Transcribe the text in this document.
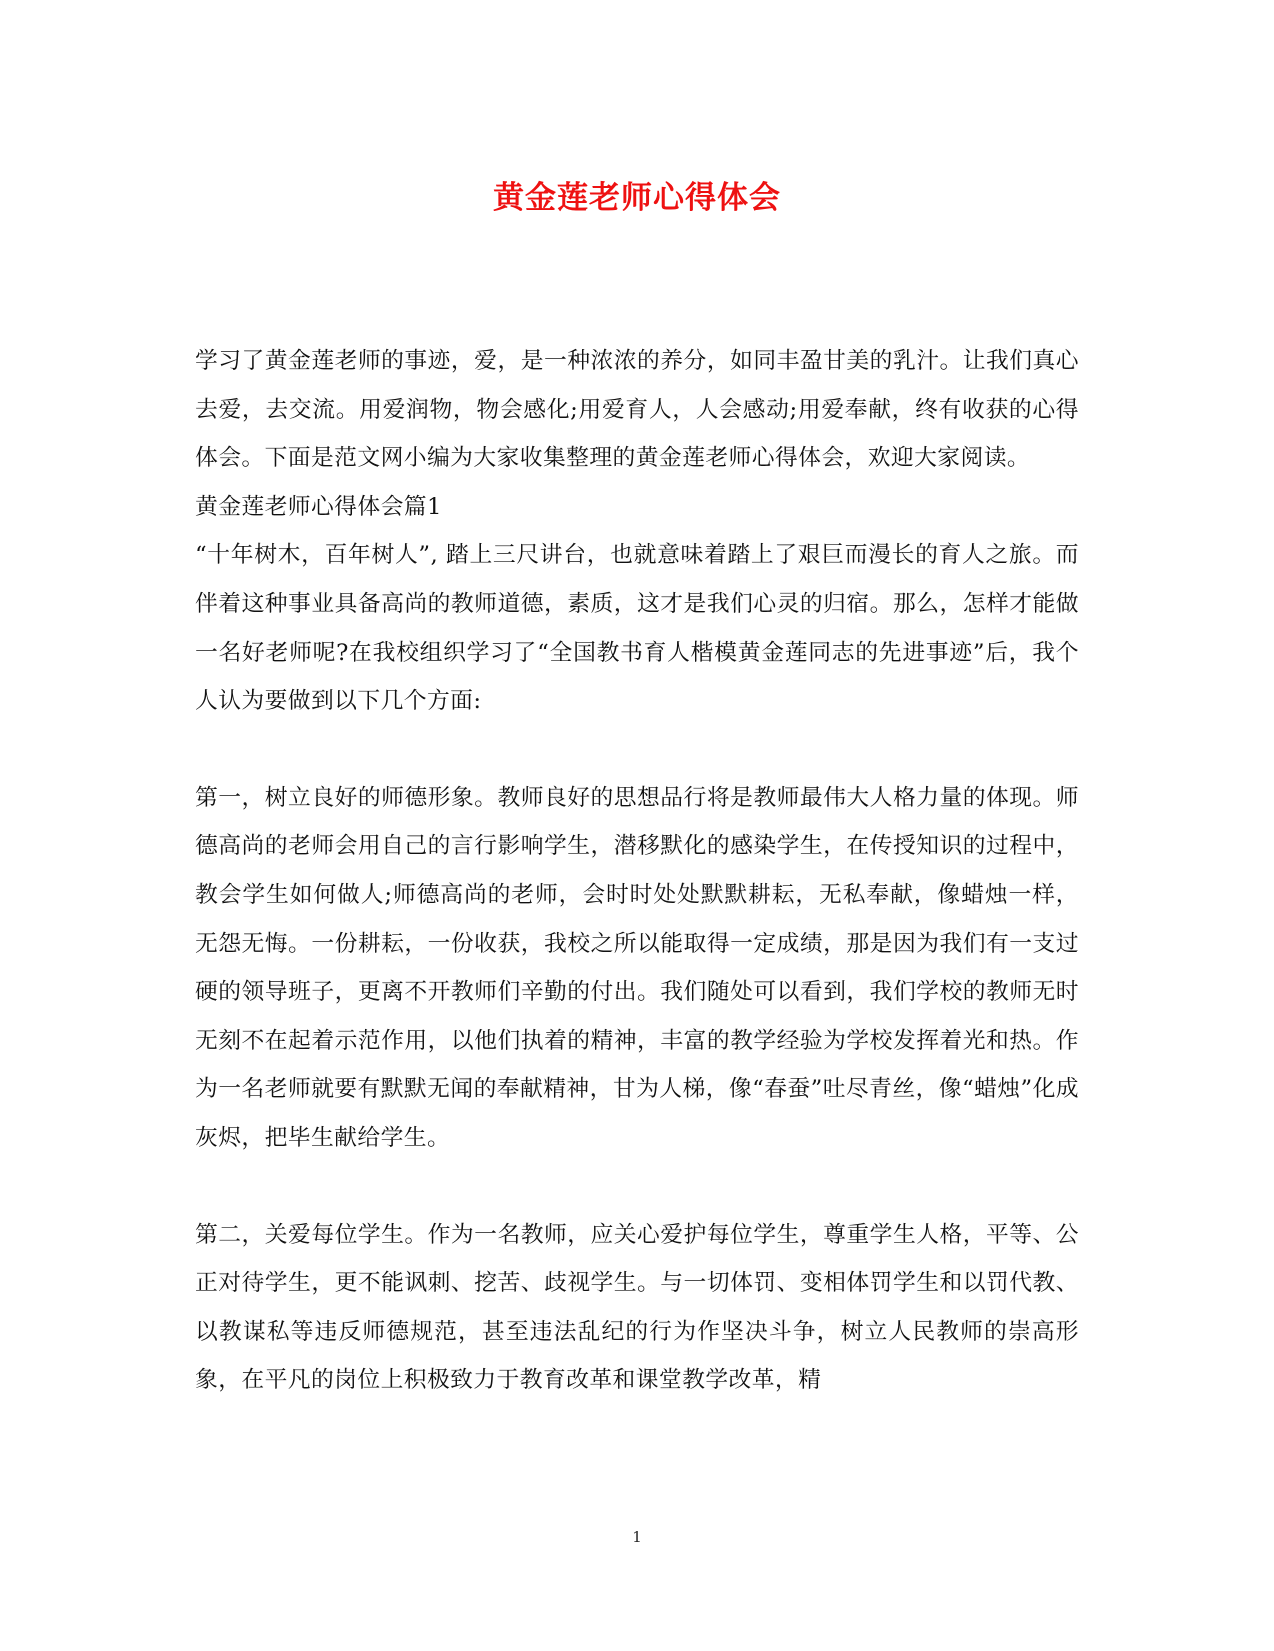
黄金莲老师心得体会

学习了黄金莲老师的事迹，爱，是一种浓浓的养分，如同丰盈甘美的乳汁。让我们真心去爱，去交流。用爱润物，物会感化;用爱育人，人会感动;用爱奉献，终有收获的心得体会。下面是范文网小编为大家收集整理的黄金莲老师心得体会，欢迎大家阅读。

黄金莲老师心得体会篇1

“十年树木，百年树人”, 踏上三尺讲台，也就意味着踏上了艰巨而漫长的育人之旅。而伴着这种事业具备高尚的教师道德，素质，这才是我们心灵的归宿。那么，怎样才能做一名好老师呢?在我校组织学习了“全国教书育人楷模黄金莲同志的先进事迹”后，我个人认为要做到以下几个方面:

第一，树立良好的师德形象。教师良好的思想品行将是教师最伟大人格力量的体现。师德高尚的老师会用自己的言行影响学生，潜移默化的感染学生，在传授知识的过程中，教会学生如何做人;师德高尚的老师，会时时处处默默耕耘，无私奉献，像蜡烛一样，无怨无悔。一份耕耘，一份收获，我校之所以能取得一定成绩，那是因为我们有一支过硬的领导班子，更离不开教师们辛勤的付出。我们随处可以看到，我们学校的教师无时无刻不在起着示范作用，以他们执着的精神，丰富的教学经验为学校发挥着光和热。作为一名老师就要有默默无闻的奉献精神，甘为人梯，像“春蚕”吐尽青丝，像“蜡烛”化成灰烬，把毕生献给学生。

第二，关爱每位学生。作为一名教师，应关心爱护每位学生，尊重学生人格，平等、公正对待学生，更不能讽刺、挖苦、歧视学生。与一切体罚、变相体罚学生和以罚代教、以教谋私等违反师德规范，甚至违法乱纪的行为作坚决斗争，树立人民教师的崇高形象，在平凡的岗位上积极致力于教育改革和课堂教学改革，精

1
